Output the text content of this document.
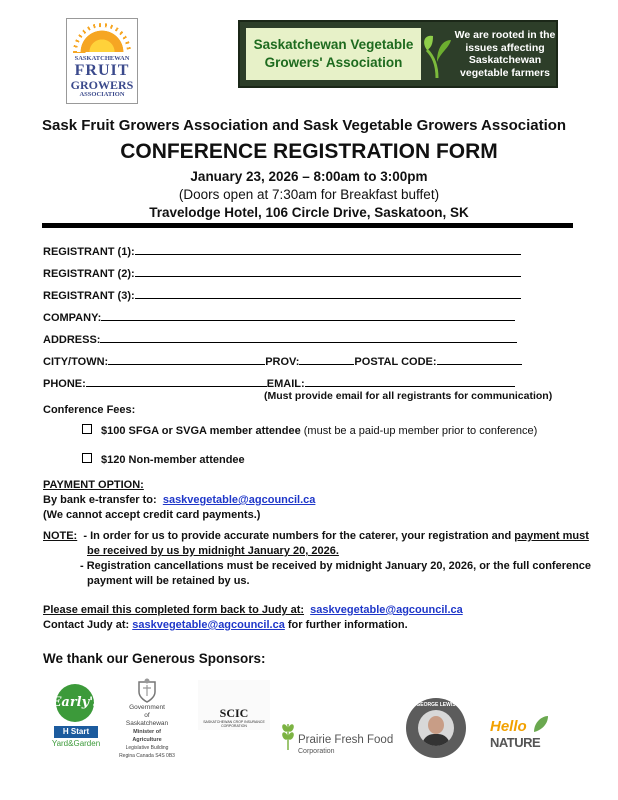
SASKATCHEWAN
FRUIT
GROWERS
ASSOCIATION
Saskatchewan Vegetable
Growers' Association
We are rooted in the
issues affecting
Saskatchewan
vegetable farmers
Sask Fruit Growers Association and Sask Vegetable Growers Association
CONFERENCE REGISTRATION FORM
January 23, 2026 – 8:00am to 3:00pm
(Doors open at 7:30am for Breakfast buffet)
Travelodge Hotel, 106 Circle Drive, Saskatoon, SK
REGISTRANT (1):
REGISTRANT (2):
REGISTRANT (3):
COMPANY:
ADDRESS:
CITY/TOWN:	PROV:	POSTAL CODE:
PHONE:	EMAIL:
(Must provide email for all registrants for communication)
Conference Fees:
$100 SFGA or SVGA member attendee (must be a paid-up member prior to conference)
$120 Non-member attendee
PAYMENT OPTION:
By bank e-transfer to: saskvegetable@agcouncil.ca
(We cannot accept credit card payments.)
NOTE: - In order for us to provide accurate numbers for the caterer, your registration and payment must
be received by us by midnight January 20, 2026.
- Registration cancellations must be received by midnight January 20, 2026, or the full conference
payment will be retained by us.
Please email this completed form back to Judy at: saskvegetable@agcouncil.ca
Contact Judy at: saskvegetable@agcouncil.ca for further information.
We thank our Generous Sponsors:
Early's
H Start
Yard&Garden
Government
of
Saskatchewan
Minister of Agriculture
Legislative Building
Regina Canada S4S 0B3
SCIC
SASKATCHEWAN CROP INSURANCE CORPORATION
Prairie Fresh Food
Corporation
GEORGE LEWIS
Hello
NATURE
